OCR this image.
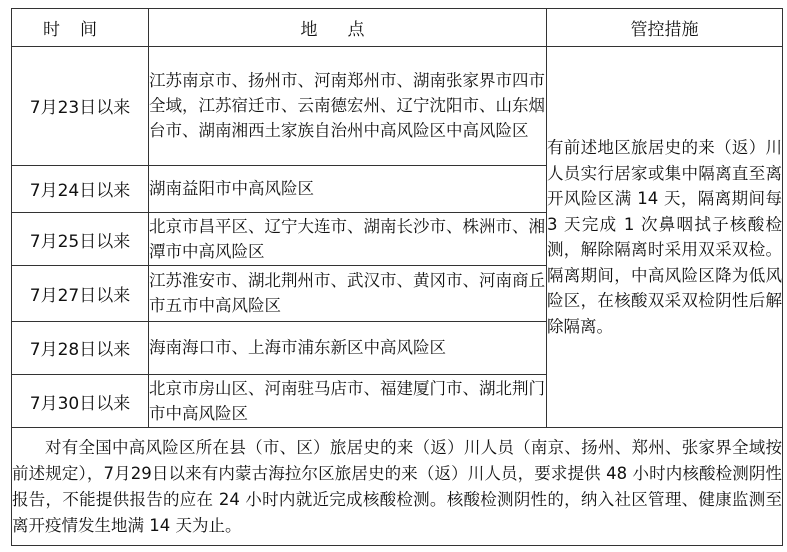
时间	地点	管控措施
7月23日以来	江苏南京市、扬州市、河南郑州市、湖南张家界市四市全域，江苏宿迁市、云南德宏州、辽宁沈阳市、山东烟台市、湖南湘西土家族自治州中高风险区中高风险区	有前述地区旅居史的来（返）川人员实行居家或集中隔离直至离开风险区满 14 天，隔离期间每 3 天完成 1 次鼻咽拭子核酸检测，解除隔离时采用双采双检。隔离期间，中高风险区降为低风险区，在核酸双采双检阴性后解除隔离。
7月24日以来	湖南益阳市中高风险区	
7月25日以来	北京市昌平区、辽宁大连市、湖南长沙市、株洲市、湘潭市中高风险区	
7月27日以来	江苏淮安市、湖北荆州市、武汉市、黄冈市、河南商丘市五市中高风险区	
7月28日以来	海南海口市、上海市浦东新区中高风险区	
7月30日以来	北京市房山区、河南驻马店市、福建厦门市、湖北荆门市中高风险区	

对有全国中高风险区所在县（市、区）旅居史的来（返）川人员（南京、扬州、郑州、张家界全域按前述规定），7月29日以来有内蒙古海拉尔区旅居史的来（返）川人员，要求提供 48 小时内核酸检测阴性报告，不能提供报告的应在 24 小时内就近完成核酸检测。核酸检测阴性的，纳入社区管理、健康监测至离开疫情发生地满 14 天为止。		
